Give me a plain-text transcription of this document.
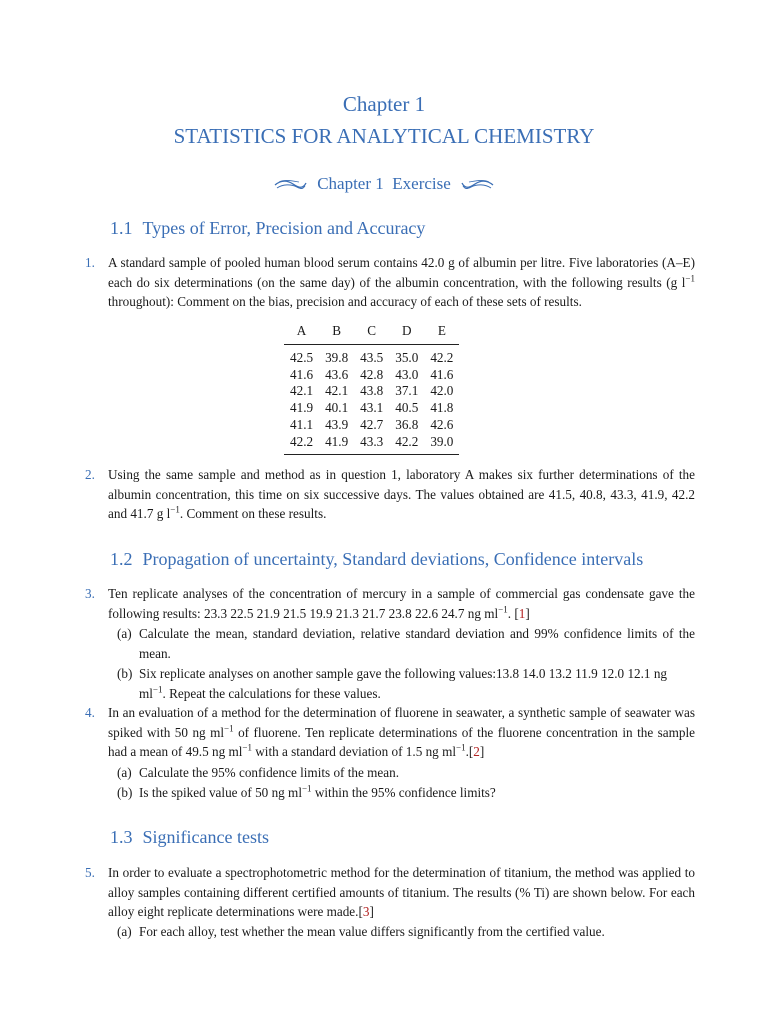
Chapter 1
STATISTICS FOR ANALYTICAL CHEMISTRY
Chapter 1  Exercise
1.1 Types of Error, Precision and Accuracy
1. A standard sample of pooled human blood serum contains 42.0 g of albumin per litre. Five laboratories (A–E) each do six determinations (on the same day) of the albumin concentration, with the following results (g $l^{-1}$ throughout): Comment on the bias, precision and accuracy of each of these sets of results.
A	B	C	D	E
42.5	39.8	43.5	35.0	42.2
41.6	43.6	42.8	43.0	41.6
42.1	42.1	43.8	37.1	42.0
41.9	40.1	43.1	40.5	41.8
41.1	43.9	42.7	36.8	42.6
42.2	41.9	43.3	42.2	39.0
2. Using the same sample and method as in question 1, laboratory A makes six further determinations of the albumin concentration, this time on six successive days. The values obtained are 41.5, 40.8, 43.3, 41.9, 42.2 and 41.7 g $l^{-1}$. Comment on these results.
1.2 Propagation of uncertainty, Standard deviations, Confidence intervals
3. Ten replicate analyses of the concentration of mercury in a sample of commercial gas condensate gave the following results: 23.3 22.5 21.9 21.5 19.9 21.3 21.7 23.8 22.6 24.7 ng $ml^{-1}$. [1]
(a) Calculate the mean, standard deviation, relative standard deviation and 99% confidence limits of the mean.
(b) Six replicate analyses on another sample gave the following values:13.8 14.0 13.2 11.9 12.0 12.1 ng $ml^{-1}$. Repeat the calculations for these values.
4. In an evaluation of a method for the determination of fluorene in seawater, a synthetic sample of seawater was spiked with 50 ng $ml^{-1}$ of fluorene. Ten replicate determinations of the fluorene concentration in the sample had a mean of 49.5 ng $ml^{-1}$ with a standard deviation of 1.5 ng $ml^{-1}.[2]$
(a) Calculate the 95% confidence limits of the mean.
(b) Is the spiked value of 50 ng $ml^{-1}$ within the 95% confidence limits?
1.3 Significance tests
5. In order to evaluate a spectrophotometric method for the determination of titanium, the method was applied to alloy samples containing different certified amounts of titanium. The results (% Ti) are shown below. For each alloy eight replicate determinations were made.[3]
(a) For each alloy, test whether the mean value differs significantly from the certified value.
